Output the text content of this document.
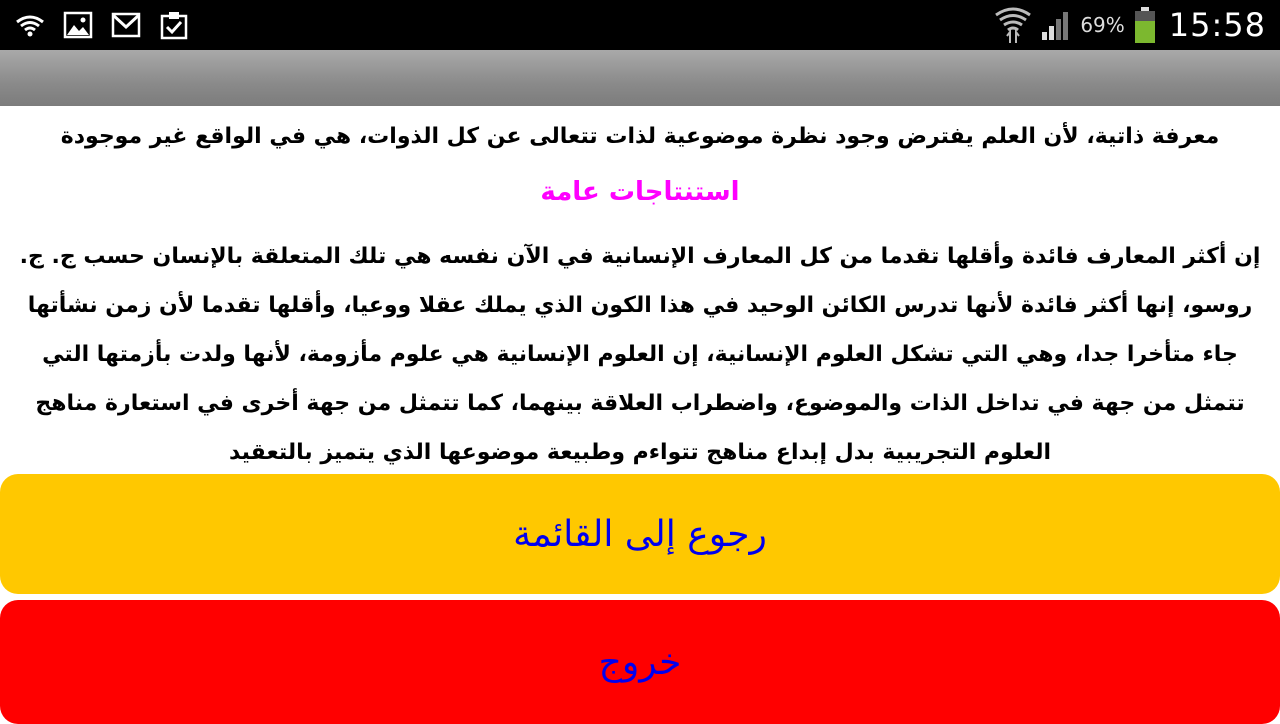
69% 15:58
معرفة ذاتية، لأن العلم يفترض وجود نظرة موضوعية لذات تتعالى عن كل الذوات، هي في الواقع غير موجودة
استنتاجات عامة
إن أكثر المعارف فائدة وأقلها تقدما من كل المعارف الإنسانية في الآن نفسه هي تلك المتعلقة بالإنسان حسب ج. ج.
روسو، إنها أكثر فائدة لأنها تدرس الكائن الوحيد في هذا الكون الذي يملك عقلا ووعيا، وأقلها تقدما لأن زمن نشأتها
جاء متأخرا جدا، وهي التي تشكل العلوم الإنسانية، إن العلوم الإنسانية هي علوم مأزومة، لأنها ولدت بأزمتها التي
تتمثل من جهة في تداخل الذات والموضوع، واضطراب العلاقة بينهما، كما تتمثل من جهة أخرى في استعارة مناهج
العلوم التجريبية بدل إبداع مناهج تتواءم وطبيعة موضوعها الذي يتميز بالتعقيد
رجوع إلى القائمة
خروج
